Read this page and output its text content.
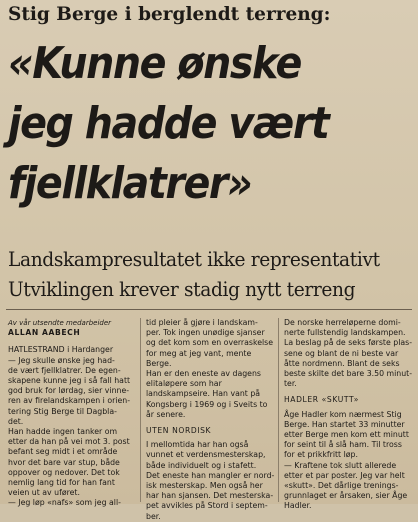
Stig Berge i berglendt terreng:
«Kunne ønske
jeg hadde vært
fjellklatrer»
Landskampresultatet ikke representativt
Utviklingen krever stadig nytt terreng

Av vår utsendte medarbeider

ALLAN AABECH

HATLESTRAND i Hardanger

— Jeg skulle ønske jeg had-

de vært fjellklatrer. De egen-

skapene kunne jeg i så fall hatt

god bruk for lørdag, sier vinne-

ren av firelandskampen i orien-

tering Stig Berge til Dagbla-

det.

Han hadde ingen tanker om

etter da han på vei mot 3. post

befant seg midt i et område

hvor det bare var stup, både

oppover og nedover. Det tok

nemlig lang tid for han fant

veien ut av uføret.

— Jeg løp «nafs» som jeg all-

tid pleier å gjøre i landskam-

per. Tok ingen unødige sjanser

og det kom som en overraskelse

for meg at jeg vant, mente

Berge.

Han er den eneste av dagens

elitaløpere som har

landskampseire. Han vant på

Kongsberg i 1969 og i Sveits to

år senere.

UTEN NORDISK

I mellomtida har han også

vunnet et verdensmesterskap,

både individuelt og i stafett.

Det eneste han mangler er nord-

isk mesterskap. Men også her

har han sjansen. Det mesterska-

pet avvikles på Stord i septem-

ber.

De norske herreløperne domi-

nerte fullstendig landskampen.

La beslag på de seks første plas-

sene og blant de ni beste var

åtte nordmenn. Blant de seks

beste skilte det bare 3.50 minut-

ter.

HADLER «SKUTT»

Åge Hadler kom nærmest Stig

Berge. Han startet 33 minutter

etter Berge men kom ett minutt

for seint til å slå ham. Til tross

for et prikkfritt løp.

— Kraftene tok slutt allerede

etter et par poster. Jeg var helt

«skutt». Det dårlige trenings-

grunnlaget er årsaken, sier Åge

Hadler.
